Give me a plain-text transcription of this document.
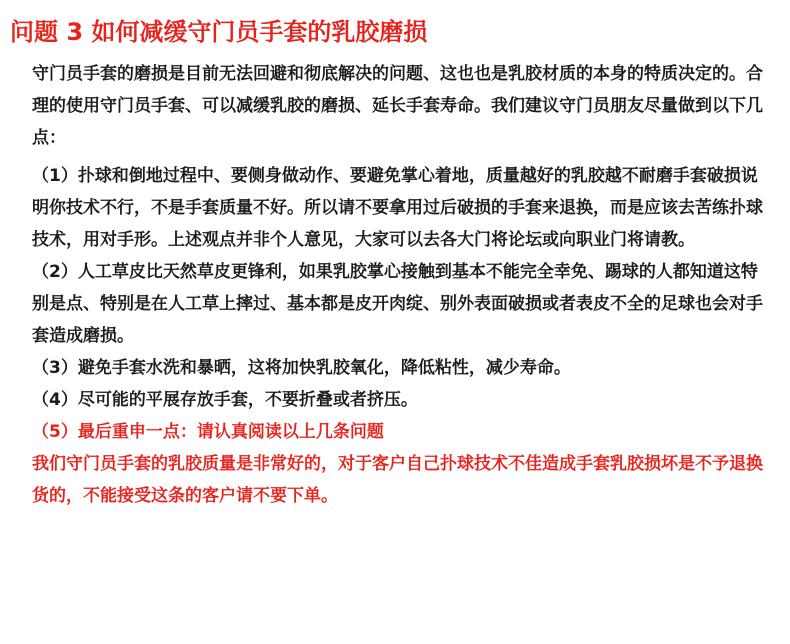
问题 3 如何减缓守门员手套的乳胶磨损

守门员手套的磨损是目前无法回避和彻底解决的问题、这也也是乳胶材质的本身的特质决定的。合理的使用守门员手套、可以减缓乳胶的磨损、延长手套寿命。我们建议守门员朋友尽量做到以下几点：

（1）扑球和倒地过程中、要侧身做动作、要避免掌心着地，质量越好的乳胶越不耐磨手套破损说明你技术不行，不是手套质量不好。所以请不要拿用过后破损的手套来退换，而是应该去苦练扑球技术，用对手形。上述观点并非个人意见，大家可以去各大门将论坛或向职业门将请教。

（2）人工草皮比天然草皮更锋利，如果乳胶掌心接触到基本不能完全幸免、踢球的人都知道这特别是点、特别是在人工草上摔过、基本都是皮开肉绽、别外表面破损或者表皮不全的足球也会对手套造成磨损。

（3）避免手套水洗和暴晒，这将加快乳胶氧化，降低粘性，减少寿命。

（4）尽可能的平展存放手套，不要折叠或者挤压。

（5）最后重申一点：请认真阅读以上几条问题

我们守门员手套的乳胶质量是非常好的，对于客户自己扑球技术不佳造成手套乳胶损坏是不予退换货的，不能接受这条的客户请不要下单。
